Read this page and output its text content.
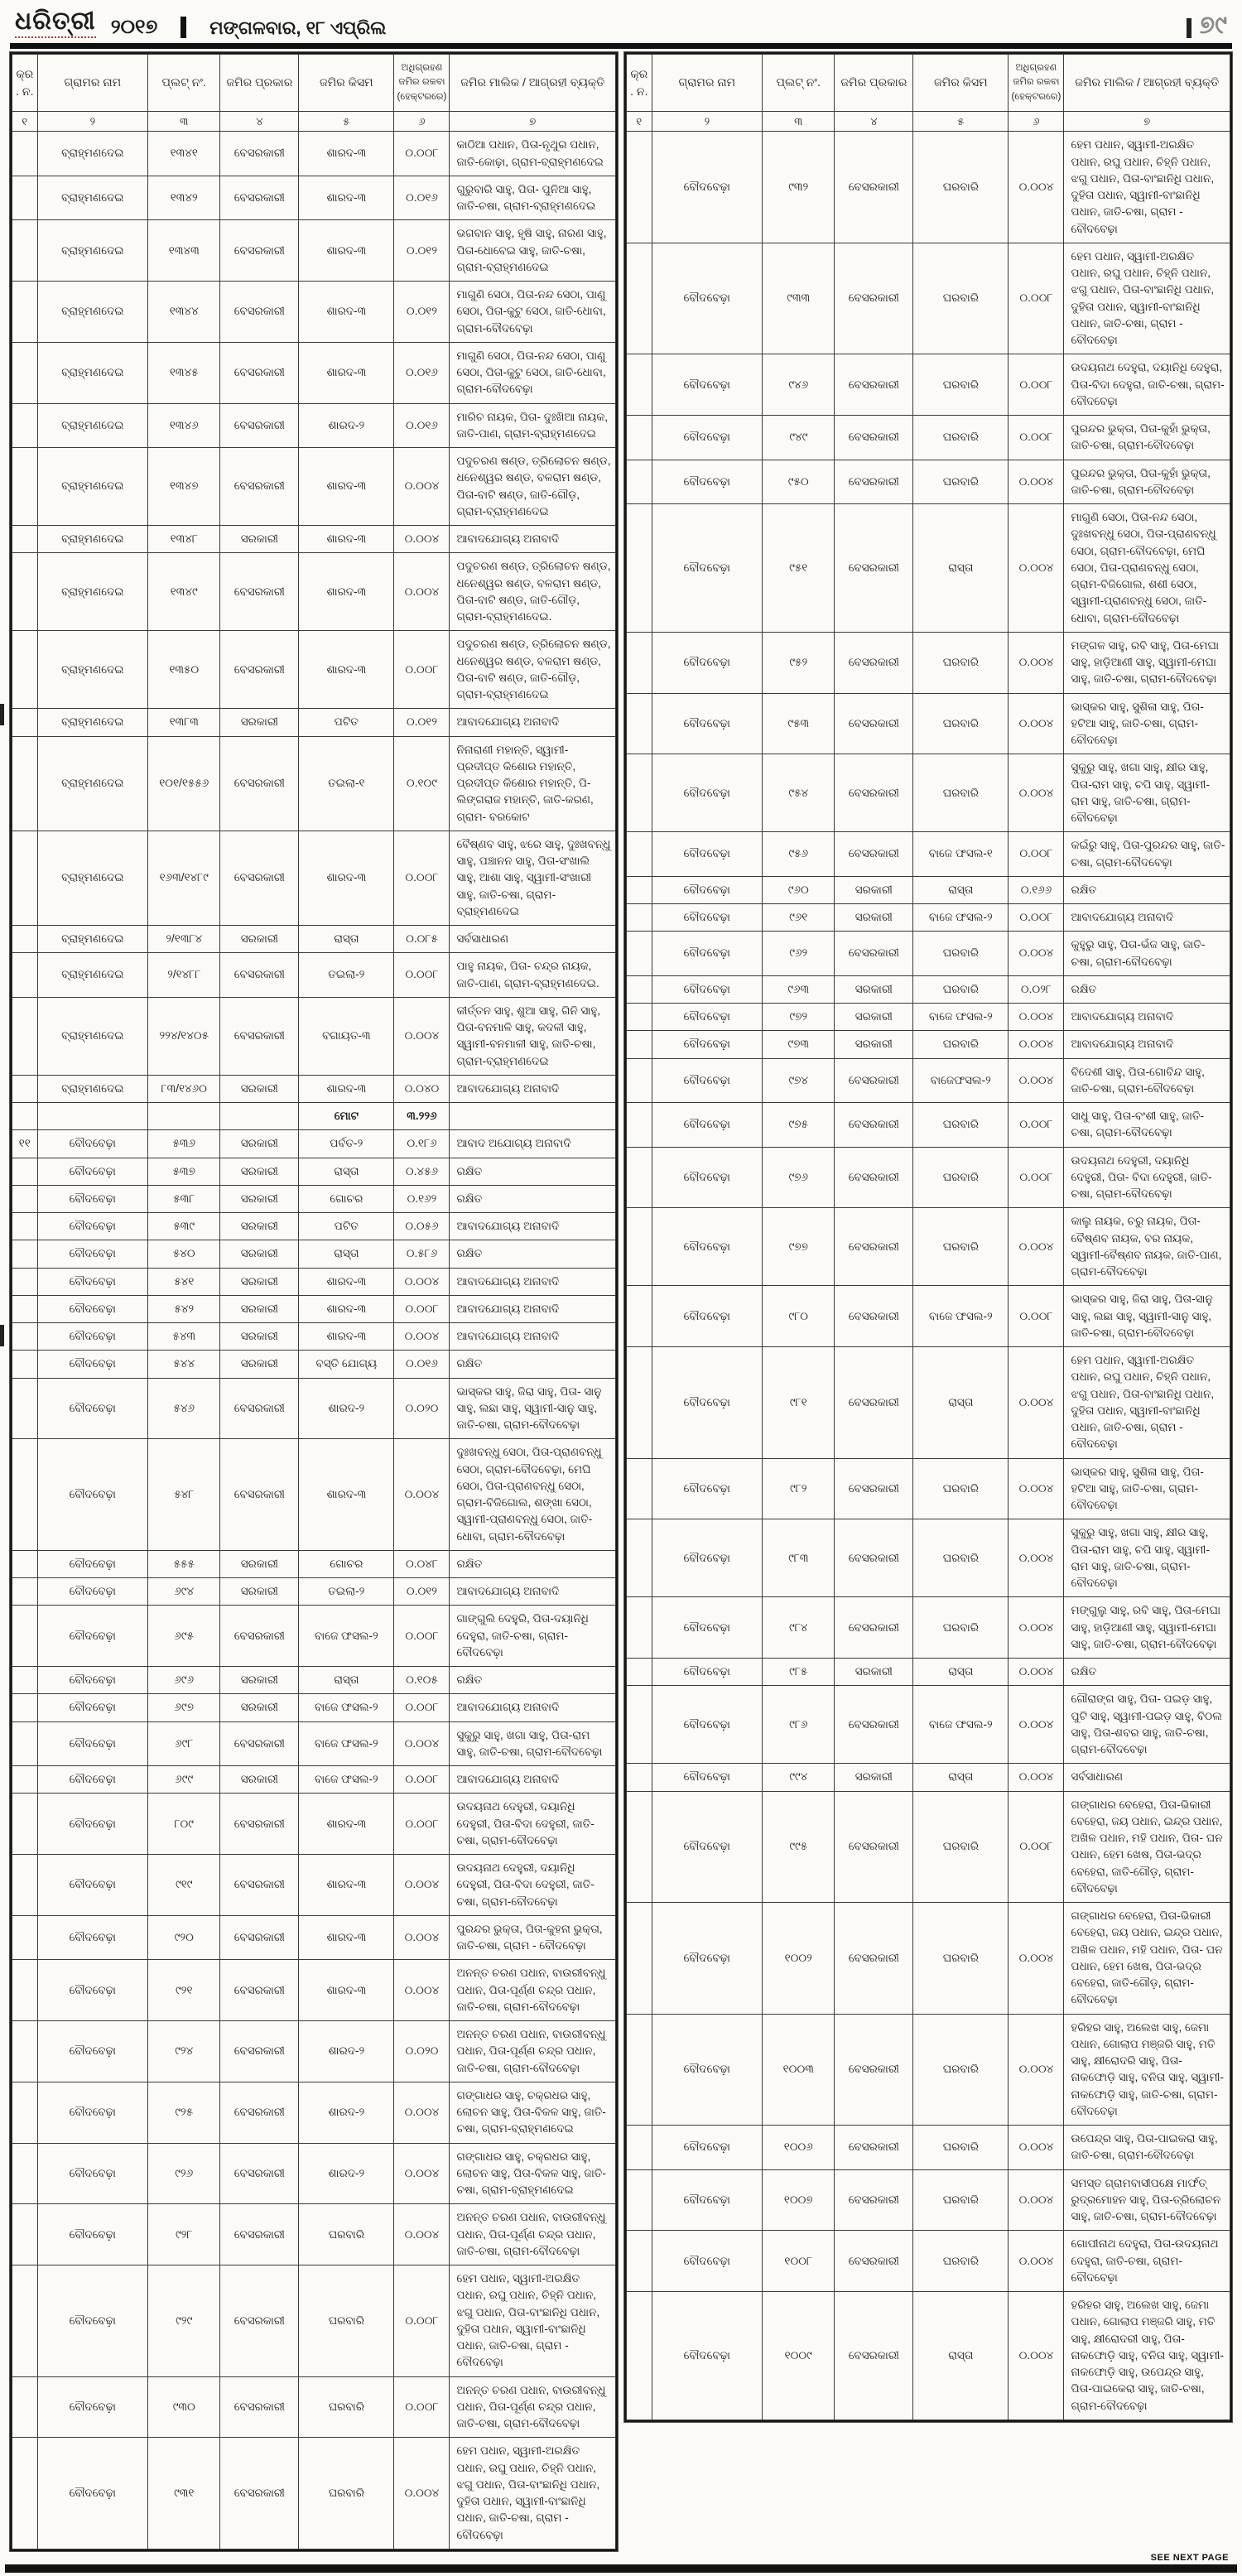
ଧରିତ୍ରୀ ୨୦୧୭	ମଙ୍ଗଳବାର, ୧୮ ଏପ୍ରିଲ	୭୯
କ୍ର. ନ.	ଗ୍ରାମର ନାମ	ପ୍ଲଟ୍ ନଂ.	ଜମିର ପ୍ରକାର	ଜମିର କିସମ	ଅଧିଗ୍ରହଣ ଜମିର ରକବା (ହେକ୍ଟରରେ)	ଜମିର ମାଲିକ / ଆଗ୍ରହୀ ବ୍ୟକ୍ତି
୧	୨	୩	୪	୫	୬	୭
	ବ୍ରାହ୍ମଣଦେଇ	୧୩୪୧	ବେସରକାରୀ	ଶାରଦ-୩	୦.୦୦୮	କାଠିଆ ପଧାନ, ପିତା-ନୃଥୁର ପଧାନ, ଜାତି-କୋଢ଼ା, ଗ୍ରାମ-ବ୍ରାହ୍ମଣଦେଇ
	ବ୍ରାହ୍ମଣଦେଇ	୧୩୪୨	ବେସରକାରୀ	ଶାରଦ-୩	୦.୦୧୬	ଗୁରୁବାରି ସାହୁ, ପିତା- ପୁନିଆ ସାହୁ, ଜାତି-ଚଷା, ଗ୍ରାମ-ବ୍ରାହ୍ମଣଦେଇ
	ବ୍ରାହ୍ମଣଦେଇ	୧୩୪୩	ବେସରକାରୀ	ଶାରଦ-୩	୦.୦୧୨	ଭଗବାନ ସାହୁ, ହୃଷି ସାହୁ, ନାରଣ ସାହୁ, ପିତା-ଧୋବେଇ ସାହୁ, ଜାତି-ଚଷା, ଗ୍ରାମ-ବ୍ରାହ୍ମଣଦେଇ
	ବ୍ରାହ୍ମଣଦେଇ	୧୩୪୪	ବେସରକାରୀ	ଶାରଦ-୩	୦.୦୧୨	ମାଗୁଣି ସେଠା, ପିତା-ନନ୍ଦ ସେଠା, ପାଣୁ ସେଠା, ପିତା-କୁଟୁ ସେଠା, ଜାତି-ଧୋବା, ଗ୍ରାମ-ବୌଦବେଢ଼ା
	ବ୍ରାହ୍ମଣଦେଇ	୧୩୪୫	ବେସରକାରୀ	ଶାରଦ-୩	୦.୦୧୬	ମାଗୁଣି ସେଠା, ପିତା-ନନ୍ଦ ସେଠା, ପାଣୁ ସେଠା, ପିତା-କୁଟୁ ସେଠା, ଜାତି-ଧୋବା, ଗ୍ରାମ-ବୌଦବେଢ଼ା
	ବ୍ରାହ୍ମଣଦେଇ	୧୩୪୬	ବେସରକାରୀ	ଶାରଦ-୨	୦.୦୧୬	ମାରିଚ ନାୟକ, ପିତା- ଦୁଃଖିଆ ନାୟକ, ଜାତି-ପାଣ, ଗ୍ରାମ-ବ୍ରାହ୍ମଣଦେଇ
	ବ୍ରାହ୍ମଣଦେଇ	୧୩୪୭	ବେସରକାରୀ	ଶାରଦ-୩	୦.୦୦୪	ପଦୁଚରଣ ଷଣ୍ଡ, ତ୍ରିଲୋଚନ ଷଣ୍ଡ, ଧନେଶ୍ୱର ଷଣ୍ଡ, ବଳରାମ ଷଣ୍ଡ, ପିତା-ବାଟି ଷଣ୍ଡ, ଜାତି-ଗୌଡ଼, ଗ୍ରାମ-ବ୍ରାହ୍ମଣଦେଇ
	ବ୍ରାହ୍ମଣଦେଇ	୧୩୪୮	ସରକାରୀ	ଶାରଦ-୩	୦.୦୦୪	ଆବାଦଯୋଗ୍ୟ ଅନାବାଦି
	ବ୍ରାହ୍ମଣଦେଇ	୧୩୪୯	ବେସରକାରୀ	ଶାରଦ-୩	୦.୦୦୪	ପଦୁଚରଣ ଷଣ୍ଡ, ତ୍ରିଲୋଚନ ଷଣ୍ଡ, ଧନେଶ୍ୱର ଷଣ୍ଡ, ବଳରାମ ଷଣ୍ଡ, ପିତା-ବାଟି ଷଣ୍ଡ, ଜାତି-ଗୌଡ଼, ଗ୍ରାମ-ବ୍ରାହ୍ମଣଦେଇ.
	ବ୍ରାହ୍ମଣଦେଇ	୧୩୫୦	ବେସରକାରୀ	ଶାରଦ-୩	୦.୦୦୮	ପଦୁଚରଣ ଷଣ୍ଡ, ତ୍ରିଲୋଚନ ଷଣ୍ଡ, ଧନେଶ୍ୱର ଷଣ୍ଡ, ବଳରାମ ଷଣ୍ଡ, ପିତା-ବାଟି ଷଣ୍ଡ, ଜାତି-ଗୌଡ଼, ଗ୍ରାମ-ବ୍ରାହ୍ମଣଦେଇ
	ବ୍ରାହ୍ମଣଦେଇ	୧୩୮୩	ସରକାରୀ	ପଟିତ	୦.୦୧୨	ଆବାଦଯୋଗ୍ୟ ଅନାବାଦି
	ବ୍ରାହ୍ମଣଦେଇ	୧୦୧/୧୫୫୬	ବେସରକାରୀ	ତଇଲା-୧	୦.୧୦୯	ନିନାରାଣୀ ମହାନ୍ତି, ସ୍ୱାମୀ-ପ୍ରଦୀପ୍ତ କିଶୋର ମହାନ୍ତି, ପ୍ରଦୀପ୍ତ କିଶୋର ମହାନ୍ତି, ପି-ଲିଙ୍ଗରାଜ ମହାନ୍ତି, ଜାତି-କରଣ, ଗ୍ରାମ- ବରକୋଟ
	ବ୍ରାହ୍ମଣଦେଇ	୧୬୩/୧୪୮୯	ବେସରକାରୀ	ଶାରଦ-୩	୦.୦୦୮	ବୈଷ୍ଣବ ସାହୁ, ଝରେ ସାହୁ, ଦୁଃଖବନ୍ଧୁ ସାହୁ, ପଞ୍ଚାନନ ସାହୁ, ପିତା-ସଂଖାଲି ସାହୁ, ଆଶା ସାହୁ, ସ୍ୱାମୀ-ସଂଖାରୀ ସାହୁ, ଜାତି-ଚଷା, ଗ୍ରାମ-ବ୍ରାହ୍ମଣଦେଇ
	ବ୍ରାହ୍ମଣଦେଇ	୨/୧୩୮୪	ସରକାରୀ	ରାସ୍ତା	୦.୦୮୫	ସର୍ବସାଧାରଣ
	ବ୍ରାହ୍ମଣଦେଇ	୨/୧୪୮୮	ବେସରକାରୀ	ତଇଲା-୨	୦.୦୦୮	ପାହୁ ନାୟକ, ପିତା- ଚନ୍ଦ୍ର ନାୟକ, ଜାତି-ପାଣ, ଗ୍ରାମ-ବ୍ରାହ୍ମଣଦେଇ.
	ବ୍ରାହ୍ମଣଦେଇ	୨୨୪/୧୪୦୫	ବେସରକାରୀ	ବଗାୟତ-୩	୦.୦୦୪	କୀର୍ତ୍ତନ ସାହୁ, ଶୁଆ ସାହୁ, ଗିନି ସାହୁ, ପିତା-ବନମାଳି ସାହୁ, କଦଳୀ ସାହୁ, ସ୍ୱାମୀ-ବନମାଳୀ ସାହୁ, ଜାତି-ଚଷା, ଗ୍ରାମ-ବ୍ରାହ୍ମଣଦେଇ
	ବ୍ରାହ୍ମଣଦେଇ	୮୩/୧୪୬୦	ସରକାରୀ	ଶାରଦ-୩	୦.୦୪୦	ଆବାଦଯୋଗ୍ୟ ଅନାବାଦି
				ମୋଟ	୩.୨୨୬	
୧୧	ବୌଦବେଢ଼ା	୫୩୬	ସରକାରୀ	ପର୍ବତ-୨	୦.୧୮୬	ଆବାଦ ଅଯୋଗ୍ୟ ଅନାବାଦି
	ବୌଦବେଢ଼ା	୫୩୭	ସରକାରୀ	ରାସ୍ତା	୦.୪୫୬	ରକ୍ଷିତ
	ବୌଦବେଢ଼ା	୫୩୮	ସରକାରୀ	ଗୋଚର	୦.୧୬୨	ରକ୍ଷିତ
	ବୌଦବେଢ଼ା	୫୩୯	ସରକାରୀ	ପଟିତ	୦.୦୫୬	ଆବାଦଯୋଗ୍ୟ ଅନାବାଦି
	ବୌଦବେଢ଼ା	୫୪୦	ସରକାରୀ	ରାସ୍ତା	୦.୫୮୬	ରକ୍ଷିତ
	ବୌଦବେଢ଼ା	୫୪୧	ସରକାରୀ	ଶାରଦ-୩	୦.୦୦୪	ଆବାଦଯୋଗ୍ୟ ଅନାବାଦି
	ବୌଦବେଢ଼ା	୫୪୨	ସରକାରୀ	ଶାରଦ-୩	୦.୦୦୮	ଆବାଦଯୋଗ୍ୟ ଅନାବାଦି
	ବୌଦବେଢ଼ା	୫୪୩	ସରକାରୀ	ଶାରଦ-୩	୦.୦୦୪	ଆବାଦଯୋଗ୍ୟ ଅନାବାଦି
	ବୌଦବେଢ଼ା	୫୪୪	ସରକାରୀ	ବସ୍ତି ଯୋଗ୍ୟ	୦.୦୧୬	ରକ୍ଷିତ
	ବୌଦବେଢ଼ା	୫୪୬	ବେସରକାରୀ	ଶାରଦ-୨	୦.୦୨୦	ଭାସ୍କର ସାହୁ, ଜିରା ସାହୁ, ପିତା- ସାନୁ ସାହୁ, ଲଛା ସାହୁ, ସ୍ୱାମୀ-ସାନୁ ସାହୁ, ଜାତି-ଚଷା, ଗ୍ରାମ-ବୌଦବେଢ଼ା
	ବୌଦବେଢ଼ା	୫୪୮	ବେସରକାରୀ	ଶାରଦ-୩	୦.୦୦୪	ଦୁଃଖବନ୍ଧୁ ସେଠା, ପିତା-ପ୍ରାଣବନ୍ଧୁ ସେଠା, ଗ୍ରାମ-ବୌଦବେଢ଼ା, ମେଘି ସେଠା, ପିତା-ପ୍ରାଣବନ୍ଧୁ ସେଠା, ଗ୍ରାମ-ବିଜିଗୋଲ, ଶଙ୍ଖା ସେଠା, ସ୍ୱାମୀ-ପ୍ରାଣବନ୍ଧୁ ସେଠା, ଜାତି-ଧୋବା, ଗ୍ରାମ-ବୌଦବେଢ଼ା
	ବୌଦବେଢ଼ା	୫୫୫	ସରକାରୀ	ଗୋଚର	୦.୦୪୮	ରକ୍ଷିତ
	ବୌଦବେଢ଼ା	୬୯୪	ସରକାରୀ	ତଇଲା-୨	୦.୦୧୨	ଆବାଦଯୋଗ୍ୟ ଅନାବାଦି
	ବୌଦବେଢ଼ା	୬୯୫	ବେସରକାରୀ	ବାଜେ ଫସଲ-୨	୦.୦୦୮	ଗାଙ୍ଗୁଲି ଦେହୁରି, ପିତା-ଦୟାନିଧି ଦେହୁରା, ଜାତି-ଚଷା, ଗ୍ରାମ-ବୌଦବେଢ଼ା
	ବୌଦବେଢ଼ା	୬୯୬	ସରକାରୀ	ରାସ୍ତା	୦.୧୦୫	ରକ୍ଷିତ
	ବୌଦବେଢ଼ା	୬୯୭	ସରକାରୀ	ବାଜେ ଫସଲ-୨	୦.୦୦୮	ଆବାଦଯୋଗ୍ୟ ଅନାବାଦି
	ବୌଦବେଢ଼ା	୬୯୮	ବେସରକାରୀ	ବାଜେ ଫସଲ-୨	୦.୦୦୪	ସୁକୁରୁ ସାହୁ, ଖଗା ସାହୁ, ପିତା-ରାମ ସାହୁ, ଜାତି-ଚଷା, ଗ୍ରାମ-ବୌଦବେଢ଼ା
	ବୌଦବେଢ଼ା	୬୯୯	ସରକାରୀ	ବାଜେ ଫସଲ-୨	୦.୦୦୮	ଆବାଦଯୋଗ୍ୟ ଅନାବାଦି
	ବୌଦବେଢ଼ା	୮୦୯	ବେସରକାରୀ	ଶାରଦ-୩	୦.୦୦୮	ଉଦୟନାଥ ଦେହୁରୀ, ଦୟାନିଧି ଦେହୁରୀ, ପିତା-ବିଦା ଦେହୁରୀ, ଜାତି-ଚଷା, ଗ୍ରାମ-ବୌଦବେଢ଼ା
	ବୌଦବେଢ଼ା	୯୧୯	ବେସରକାରୀ	ଶାରଦ-୩	୦.୦୦୪	ଉଦୟନାଥ ଦେହୁରୀ, ଦୟାନିଧି ଦେହୁରୀ, ପିତା-ବିଦା ଦେହୁରୀ, ଜାତି-ଚଷା, ଗ୍ରାମ-ବୌଦବେଢ଼ା
	ବୌଦବେଢ଼ା	୯୨୦	ବେସରକାରୀ	ଶାରଦ-୩	୦.୦୦୪	ପୁରନ୍ଦର ଭୁକ୍ତା, ପିତା-କୁହନା ଭୁକ୍ତା, ଜାତି-ଚଷା, ଗ୍ରାମ - ବୌଦବେଢ଼ା
	ବୌଦବେଢ଼ା	୯୨୧	ବେସରକାରୀ	ଶାରଦ-୩	୦.୦୦୪	ଅନନ୍ତ ଚରଣ ପଧାନ, ବାଉରୀବନ୍ଧୁ ପଧାନ, ପିତା-ପୂର୍ଣ୍ଣ ଚନ୍ଦ୍ର ପଧାନ, ଜାତି-ଚଷା, ଗ୍ରାମ-ବୌଦବେଢ଼ା
	ବୌଦବେଢ଼ା	୯୨୪	ବେସରକାରୀ	ଶାରଦ-୨	୦.୦୨୦	ଅନନ୍ତ ଚରଣ ପଧାନ, ବାଉରୀବନ୍ଧୁ ପଧାନ, ପିତା-ପୂର୍ଣ୍ଣ ଚନ୍ଦ୍ର ପଧାନ, ଜାତି-ଚଷା, ଗ୍ରାମ-ବୌଦବେଢ଼ା
	ବୌଦବେଢ଼ା	୯୨୫	ବେସରକାରୀ	ଶାରଦ-୨	୦.୦୦୪	ଗଙ୍ଗାଧର ସାହୁ, ଚକ୍ରଧର ସାହୁ, ଲୋଚନ ସାହୁ, ପିତା-ବିକଳ ସାହୁ, ଜାତି-ଚଷା, ଗ୍ରାମ-ବ୍ରାହ୍ମଣଦେଇ
	ବୌଦବେଢ଼ା	୯୨୬	ବେସରକାରୀ	ଶାରଦ-୨	୦.୦୦୪	ଗଙ୍ଗାଧର ସାହୁ, ଚକ୍ରଧର ସାହୁ, ଲୋଚନ ସାହୁ, ପିତା-ବିକଳ ସାହୁ, ଜାତି-ଚଷା, ଗ୍ରାମ-ବ୍ରାହ୍ମଣଦେଇ
	ବୌଦବେଢ଼ା	୯୨୮	ବେସରକାରୀ	ଘରବାରି	୦.୦୦୪	ଅନନ୍ତ ଚରଣ ପଧାନ, ବାଉରୀବନ୍ଧୁ ପଧାନ, ପିତା-ପୂର୍ଣ୍ଣ ଚନ୍ଦ୍ର ପଧାନ, ଜାତି-ଚଷା, ଗ୍ରାମ-ବୌଦବେଢ଼ା
	ବୌଦବେଢ଼ା	୯୨୯	ବେସରକାରୀ	ଘରବାରି	୦.୦୦୮	ହେମ ପଧାନ, ସ୍ୱାମୀ-ଅରକ୍ଷିତ ପଧାନ, ରଘୁ ପଧାନ, ଚିହ୍ନି ପଧାନ, ଝଗୁ ପଧାନ, ପିତା-ବାଂଛାନିଧି ପଧାନ, ଦୁହିତା ପଧାନ, ସ୍ୱାମୀ-ବାଂଛାନିଧି ପଧାନ, ଜାତି-ଚଷା, ଗ୍ରାମ - ବୌଦବେଢ଼ା
	ବୌଦବେଢ଼ା	୯୩୦	ବେସରକାରୀ	ଘରବାରି	୦.୦୦୮	ଅନନ୍ତ ଚରଣ ପଧାନ, ବାଉରୀବନ୍ଧୁ ପଧାନ, ପିତା-ପୂର୍ଣ୍ଣ ଚନ୍ଦ୍ର ପଧାନ, ଜାତି-ଚଷା, ଗ୍ରାମ-ବୌଦବେଢ଼ା
	ବୌଦବେଢ଼ା	୯୩୧	ବେସରକାରୀ	ଘରବାରି	୦.୦୦୪	ହେମ ପଧାନ, ସ୍ୱାମୀ-ଅରକ୍ଷିତ ପଧାନ, ରଘୁ ପଧାନ, ଚିହ୍ନି ପଧାନ, ଝଗୁ ପଧାନ, ପିତା-ବାଂଛାନିଧି ପଧାନ, ଦୁହିତା ପଧାନ, ସ୍ୱାମୀ-ବାଂଛାନିଧି ପଧାନ, ଜାତି-ଚଷା, ଗ୍ରାମ - ବୌଦବେଢ଼ା
କ୍ର. ନ.	ଗ୍ରାମର ନାମ	ପ୍ଲଟ୍ ନଂ.	ଜମିର ପ୍ରକାର	ଜମିର କିସମ	ଅଧିଗ୍ରହଣ ଜମିର ରକବା (ହେକ୍ଟରରେ)	ଜମିର ମାଲିକ / ଆଗ୍ରହୀ ବ୍ୟକ୍ତି
୧	୨	୩	୪	୫	୬	୭
	ବୌଦବେଢ଼ା	୯୩୨	ବେସରକାରୀ	ଘରବାରି	୦.୦୦୪	ହେମ ପଧାନ, ସ୍ୱାମୀ-ଅରକ୍ଷିତ ପଧାନ, ରଘୁ ପଧାନ, ଚିହ୍ନି ପଧାନ, ଝଗୁ ପଧାନ, ପିତା-ବାଂଛାନିଧି ପଧାନ, ଦୁହିତା ପଧାନ, ସ୍ୱାମୀ-ବାଂଛାନିଧି ପଧାନ, ଜାତି-ଚଷା, ଗ୍ରାମ - ବୌଦବେଢ଼ା
	ବୌଦବେଢ଼ା	୯୩୩	ବେସରକାରୀ	ଘରବାରି	୦.୦୦୮	ହେମ ପଧାନ, ସ୍ୱାମୀ-ଅରକ୍ଷିତ ପଧାନ, ରଘୁ ପଧାନ, ଚିହ୍ନି ପଧାନ, ଝଗୁ ପଧାନ, ପିତା-ବାଂଛାନିଧି ପଧାନ, ଦୁହିତା ପଧାନ, ସ୍ୱାମୀ-ବାଂଛାନିଧି ପଧାନ, ଜାତି-ଚଷା, ଗ୍ରାମ - ବୌଦବେଢ଼ା
	ବୌଦବେଢ଼ା	୯୪୬	ବେସରକାରୀ	ଘରବାରି	୦.୦୦୮	ଉଦୟନାଥ ଦେହୁରା, ଦୟାନିଧି ଦେହୁରା, ପିତା-ବିଦା ଦେହୁରା, ଜାତି-ଚଷା, ଗ୍ରାମ-ବୌଦବେଢ଼ା
	ବୌଦବେଢ଼ା	୯୪୯	ବେସରକାରୀ	ଘରବାରି	୦.୦୦୮	ପୁରନ୍ଦର ଭୁକ୍ତା, ପିତା-କୁହାଁ ଭୁକ୍ତା, ଜାତି-ଚଷା, ଗ୍ରାମ-ବୌଦବେଢ଼ା
	ବୌଦବେଢ଼ା	୯୫୦	ବେସରକାରୀ	ଘରବାରି	୦.୦୦୪	ପୁରନ୍ଦର ଭୁକ୍ତା, ପିତା-କୁହାଁ ଭୁକ୍ତା, ଜାତି-ଚଷା, ଗ୍ରାମ-ବୌଦବେଢ଼ା
	ବୌଦବେଢ଼ା	୯୫୧	ବେସରକାରୀ	ରାସ୍ତା	୦.୦୦୪	ମାଗୁଣି ସେଠା, ପିତା-ନନ୍ଦ ସେଠା, ଦୁଃଖବନ୍ଧୁ ସେଠା, ପିତା-ପ୍ରାଣବନ୍ଧୁ ସେଠା, ଗ୍ରାମ-ବୌଦବେଢ଼ା, ମେଘି ସେଠା, ପିତା-ପ୍ରାଣବନ୍ଧୁ ସେଠା, ଗ୍ରାମ-ବିଜିଗୋଲ, ଶଶୀ ସେଠା, ସ୍ୱାମୀ-ପ୍ରାଣବନ୍ଧୁ ସେଠା, ଜାତି-ଧୋବା, ଗ୍ରାମ-ବୌଦବେଢ଼ା
	ବୌଦବେଢ଼ା	୯୫୨	ବେସରକାରୀ	ଘରବାରି	୦.୦୦୪	ମଙ୍ଗଳ ସାହୁ, ରବି ସାହୁ, ପିତା-ମେଘା ସାହୁ, ହାଡ଼ିଆଣୀ ସାହୁ, ସ୍ୱାମୀ-ମେଘା ସାହୁ, ଜାତି-ଚଷା, ଗ୍ରାମ-ବୌଦବେଢ଼ା
	ବୌଦବେଢ଼ା	୯୫୩	ବେସରକାରୀ	ଘରବାରି	୦.୦୦୪	ଭାସ୍କର ସାହୁ, ସୁଶିଳା ସାହୁ, ପିତା-ହଟିଆ ସାହୁ, ଜାତି-ଚଷା, ଗ୍ରାମ-ବୌଦବେଢ଼ା
	ବୌଦବେଢ଼ା	୯୫୪	ବେସରକାରୀ	ଘରବାରି	୦.୦୦୪	ସୁକୁରୁ ସାହୁ, ଖଗା ସାହୁ, କ୍ଷୀର ସାହୁ, ପିତା-ରାମ ସାହୁ, ଚପି ସାହୁ, ସ୍ୱାମୀ-ରାମ ସାହୁ, ଜାତି-ଚଷା, ଗ୍ରାମ-ବୌଦବେଢ଼ା
	ବୌଦବେଢ଼ା	୯୫୬	ବେସରକାରୀ	ବାଜେ ଫସଲ-୧	୦.୦୦୮	କଇଁରୁ ସାହୁ, ପିତା-ପୁରନ୍ଦର ସାହୁ, ଜାତି-ଚଷା, ଗ୍ରାମ-ବୌଦବେଢ଼ା
	ବୌଦବେଢ଼ା	୯୬୦	ସରକାରୀ	ରାସ୍ତା	୦.୧୬୬	ରକ୍ଷିତ
	ବୌଦବେଢ଼ା	୯୬୧	ସରକାରୀ	ବାଜେ ଫସଲ-୨	୦.୦୦୮	ଆବାଦଯୋଗ୍ୟ ଅନାବାଦି
	ବୌଦବେଢ଼ା	୯୬୨	ବେସରକାରୀ	ଘରବାରି	୦.୦୦୪	କୁହୁରୁ ସାହୁ, ପିତା-ଭଁଜ ସାହୁ, ଜାତି-ଚଷା, ଗ୍ରାମ-ବୌଦବେଢ଼ା
	ବୌଦବେଢ଼ା	୯୬୩	ସରକାରୀ	ଘରବାରି	୦.୦୨୮	ରକ୍ଷିତ
	ବୌଦବେଢ଼ା	୯୭୨	ସରକାରୀ	ବାଜେ ଫସଲ-୨	୦.୦୦୪	ଆବାଦଯୋଗ୍ୟ ଅନାବାଦି
	ବୌଦବେଢ଼ା	୯୭୩	ସରକାରୀ	ଘରବାରି	୦.୦୦୪	ଆବାଦଯୋଗ୍ୟ ଅନାବାଦି
	ବୌଦବେଢ଼ା	୯୭୪	ବେସରକାରୀ	ବାଜେଫସଲ-୨	୦.୦୦୪	ବିଦେଶୀ ସାହୁ, ପିତା-ଗୋବିନ୍ଦ ସାହୁ, ଜାତି-ଚଷା, ଗ୍ରାମ-ବୌଦବେଢ଼ା
	ବୌଦବେଢ଼ା	୯୭୫	ବେସରକାରୀ	ଘରବାରି	୦.୦୦୮	ସାଧୁ ସାହୁ, ପିତା-ବଂଶୀ ସାହୁ, ଜାତି-ଚଷା, ଗ୍ରାମ-ବୌଦବେଢ଼ା
	ବୌଦବେଢ଼ା	୯୭୬	ବେସରକାରୀ	ଘରବାରି	୦.୦୦୮	ଉଦୟନାଥ ଦେହୁରୀ, ଦୟାନିଧି ଦେହୁରୀ, ପିତା- ବିଦା ଦେହୁରୀ, ଜାତି-ଚଷା, ଗ୍ରାମ-ବୌଦବେଢ଼ା
	ବୌଦବେଢ଼ା	୯୭୭	ବେସରକାରୀ	ଘରବାରି	୦.୦୦୪	କାଲୁ ନାୟକ, ଚରୁ ନାୟକ, ପିତା-ବୈଷ୍ଣବ ନାୟକ, ବର ନାୟକ, ସ୍ୱାମୀ-ବୈଷ୍ଣବ ନାୟକ, ଜାତି-ପାଣ, ଗ୍ରାମ-ବୌଦବେଢ଼ା
	ବୌଦବେଢ଼ା	୯୮୦	ବେସରକାରୀ	ବାଜେ ଫସଲ-୨	୦.୦୦୮	ଭାସ୍କର ସାହୁ, ଜିରା ସାହୁ, ପିତା-ସାନୁ ସାହୁ, ଲଛା ସାହୁ, ସ୍ୱାମୀ-ସାନୁ ସାହୁ, ଜାତି-ଚଷା, ଗ୍ରାମ-ବୌଦବେଢ଼ା
	ବୌଦବେଢ଼ା	୯୮୧	ବେସରକାରୀ	ରାସ୍ତା	୦.୦୦୪	ହେମ ପଧାନ, ସ୍ୱାମୀ-ଅରକ୍ଷିତ ପଧାନ, ରଘୁ ପଧାନ, ଚିହ୍ନି ପଧାନ, ଝଗୁ ପଧାନ, ପିତା-ବାଂଛାନିଧି ପଧାନ, ଦୁହିତା ପଧାନ, ସ୍ୱାମୀ-ବାଂଛାନିଧି ପଧାନ, ଜାତି-ଚଷା, ଗ୍ରାମ - ବୌଦବେଢ଼ା
	ବୌଦବେଢ଼ା	୯୮୨	ବେସରକାରୀ	ଘରବାରି	୦.୦୦୪	ଭାସ୍କର ସାହୁ, ସୁଶିଳା ସାହୁ, ପିତା-ହଟିଆ ସାହୁ, ଜାତି-ଚଷା, ଗ୍ରାମ-ବୌଦବେଢ଼ା
	ବୌଦବେଢ଼ା	୯୮୩	ବେସରକାରୀ	ଘରବାରି	୦.୦୦୪	ସୁକୁରୁ ସାହୁ, ଖଗା ସାହୁ, କ୍ଷୀର ସାହୁ, ପିତା-ରାମ ସାହୁ, ଚପି ସାହୁ, ସ୍ୱାମୀ-ରାମ ସାହୁ, ଜାତି-ଚଷା, ଗ୍ରାମ-ବୌଦବେଢ଼ା
	ବୌଦବେଢ଼ା	୯୮୪	ବେସରକାରୀ	ଘରବାରି	୦.୦୦୪	ମଙ୍ଗୁଲୁ ସାହୁ, ରବି ସାହୁ, ପିତା-ମେଘା ସାହୁ, ହାଡ଼ିଆଣୀ ସାହୁ, ସ୍ୱାମୀ-ମେଘା ସାହୁ, ଜାତି-ଚଷା, ଗ୍ରାମ-ବୌଦବେଢ଼ା
	ବୌଦବେଢ଼ା	୯୮୫	ସରକାରୀ	ରାସ୍ତା	୦.୦୦୪	ରକ୍ଷିତ
	ବୌଦବେଢ଼ା	୯୮୬	ବେସରକାରୀ	ବାଜେ ଫସଲ-୨	୦.୦୦୪	ଗୌରାଙ୍ଗ ସାହୁ, ପିତା- ପଇଡ଼ ସାହୁ, ପୁଟି ସାହୁ, ସ୍ୱାମୀ-ପଇଡ଼ ସାହୁ, ବିଠଲ ସାହୁ, ପିତା-ଶବର ସାହୁ, ଜାତି-ଚଷା, ଗ୍ରାମ-ବୌଦବେଢ଼ା
	ବୌଦବେଢ଼ା	୯୯୪	ସରକାରୀ	ରାସ୍ତା	୦.୦୦୪	ସର୍ବସାଧାରଣ
	ବୌଦବେଢ଼ା	୯୯୫	ବେସରକାରୀ	ଘରବାରି	୦.୦୦୮	ଗଙ୍ଗାଧର ବେହେରା, ପିତା-ଭିକାରୀ ବେହେରା, ଜୟ ପଧାନ, ଇନ୍ଦ୍ର ପଧାନ, ଅଖିଳ ପଧାନ, ମହି ପଧାନ, ପିତା- ଘନ ପଧାନ, ହେମ ଖେଷ, ପିତା-ଭଦ୍ର ବେହେରା, ଜାତି-ଗୌଡ଼, ଗ୍ରାମ-ବୌଦବେଢ଼ା
	ବୌଦବେଢ଼ା	୧୦୦୨	ବେସରକାରୀ	ଘରବାରି	୦.୦୦୪	ଗଙ୍ଗାଧର ବେହେରା, ପିତା-ଭିକାରୀ ବେହେରା, ଜୟ ପଧାନ, ଇନ୍ଦ୍ର ପଧାନ, ଅଖିଳ ପଧାନ, ମହି ପଧାନ, ପିତା- ଘନ ପଧାନ, ହେମ ଖେଷ, ପିତା-ଭଦ୍ର ବେହେରା, ଜାତି-ଗୌଡ଼, ଗ୍ରାମ-ବୌଦବେଢ଼ା
	ବୌଦବେଢ଼ା	୧୦୦୩	ବେସରକାରୀ	ଘରବାରି	୦.୦୦୪	ହରିହର ସାହୁ, ଅଲେଖ ସାହୁ, ଜେମା ପଧାନ, ଗୋଲାପ ମଞ୍ଜରି ସାହୁ, ମତି ସାହୁ, କ୍ଷୀରୋଦରି ସାହୁ, ପିତା-ନାକଫୋଡ଼ି ସାହୁ, ବନିତା ସାହୁ, ସ୍ୱାମୀ-ନାକଫୋଡ଼ି ସାହୁ, ଜାତି-ଚଷା, ଗ୍ରାମ-ବୌଦବେଢ଼ା
	ବୌଦବେଢ଼ା	୧୦୦୬	ବେସରକାରୀ	ଘରବାରି	୦.୦୦୪	ଉପେନ୍ଦ୍ର ସାହୁ, ପିତା-ପାଇକରା ସାହୁ, ଜାତି-ଚଷା, ଗ୍ରାମ-ବୌଦବେଢ଼ା
	ବୌଦବେଢ଼ା	୧୦୦୭	ବେସରକାରୀ	ଘରବାରି	୦.୦୦୪	ସମସ୍ତ ଗ୍ରାମବାସୀପକ୍ଷେ ମାର୍ଫତ୍ ରୁଦ୍ରମୋହନ ସାହୁ, ପିତା-ତ୍ରିଲୋଚନ ସାହୁ, ଜାତି-ଚଷା, ଗ୍ରାମ-ବୌଦବେଢ଼ା
	ବୌଦବେଢ଼ା	୧୦୦୮	ବେସରକାରୀ	ଘରବାରି	୦.୦୦୪	ଗୋପୀନାଥ ଦେହୁରା, ପିତା-ଉଦୟନାଥ ଦେହୁରା, ଜାତି-ଚଷା, ଗ୍ରାମ-ବୌଦବେଢ଼ା
	ବୌଦବେଢ଼ା	୧୦୦୯	ବେସରକାରୀ	ରାସ୍ତା	୦.୦୦୪	ହରିହର ସାହୁ, ଅଲେଖ ସାହୁ, ଜେମା ପଧାନ, ଗୋଲାପ ମଞ୍ଜରି ସାହୁ, ମତି ସାହୁ, କ୍ଷୀରୋଦରୀ ସାହୁ, ପିତା-ନାକଫୋଡ଼ି ସାହୁ, ବନିତା ସାହୁ, ସ୍ୱାମୀ-ନାକଫୋଡ଼ି ସାହୁ, ଉପେନ୍ଦ୍ର ସାହୁ, ପିତା-ପାଇକେରା ସାହୁ, ଜାତି-ଚଷା, ଗ୍ରାମ-ବୌଦବେଢ଼ା
SEE NEXT PAGE
